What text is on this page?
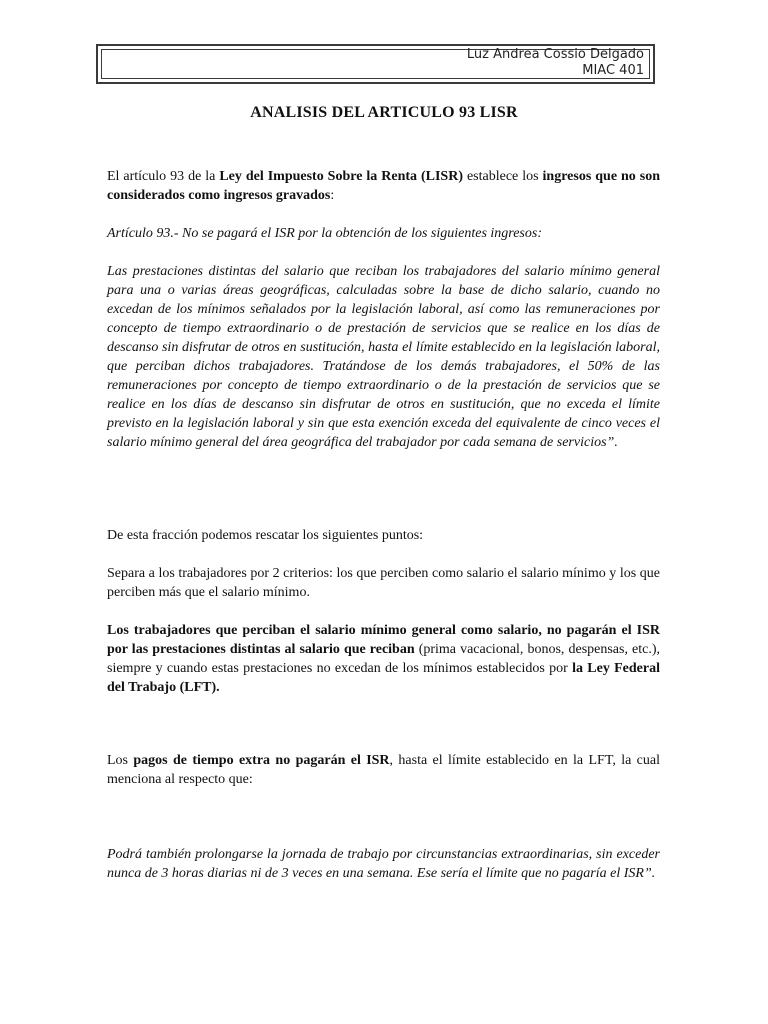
Luz Andrea Cossio Delgado
MIAC 401
ANALISIS DEL ARTICULO 93 LISR

El artículo 93 de la Ley del Impuesto Sobre la Renta (LISR) establece los ingresos que no son considerados como ingresos gravados:

Artículo 93.- No se pagará el ISR por la obtención de los siguientes ingresos:

Las prestaciones distintas del salario que reciban los trabajadores del salario mínimo general para una o varias áreas geográficas, calculadas sobre la base de dicho salario, cuando no excedan de los mínimos señalados por la legislación laboral, así como las remuneraciones por concepto de tiempo extraordinario o de prestación de servicios que se realice en los días de descanso sin disfrutar de otros en sustitución, hasta el límite establecido en la legislación laboral, que perciban dichos trabajadores. Tratándose de los demás trabajadores, el 50% de las remuneraciones por concepto de tiempo extraordinario o de la prestación de servicios que se realice en los días de descanso sin disfrutar de otros en sustitución, que no exceda el límite previsto en la legislación laboral y sin que esta exención exceda del equivalente de cinco veces el salario mínimo general del área geográfica del trabajador por cada semana de servicios”.

De esta fracción podemos rescatar los siguientes puntos:

Separa a los trabajadores por 2 criterios: los que perciben como salario el salario mínimo y los que perciben más que el salario mínimo.

Los trabajadores que perciban el salario mínimo general como salario, no pagarán el ISR por las prestaciones distintas al salario que reciban (prima vacacional, bonos, despensas, etc.), siempre y cuando estas prestaciones no excedan de los mínimos establecidos por la Ley Federal del Trabajo (LFT).

Los pagos de tiempo extra no pagarán el ISR, hasta el límite establecido en la LFT, la cual menciona al respecto que:

Podrá también prolongarse la jornada de trabajo por circunstancias extraordinarias, sin exceder nunca de 3 horas diarias ni de 3 veces en una semana. Ese sería el límite que no pagaría el ISR”.
